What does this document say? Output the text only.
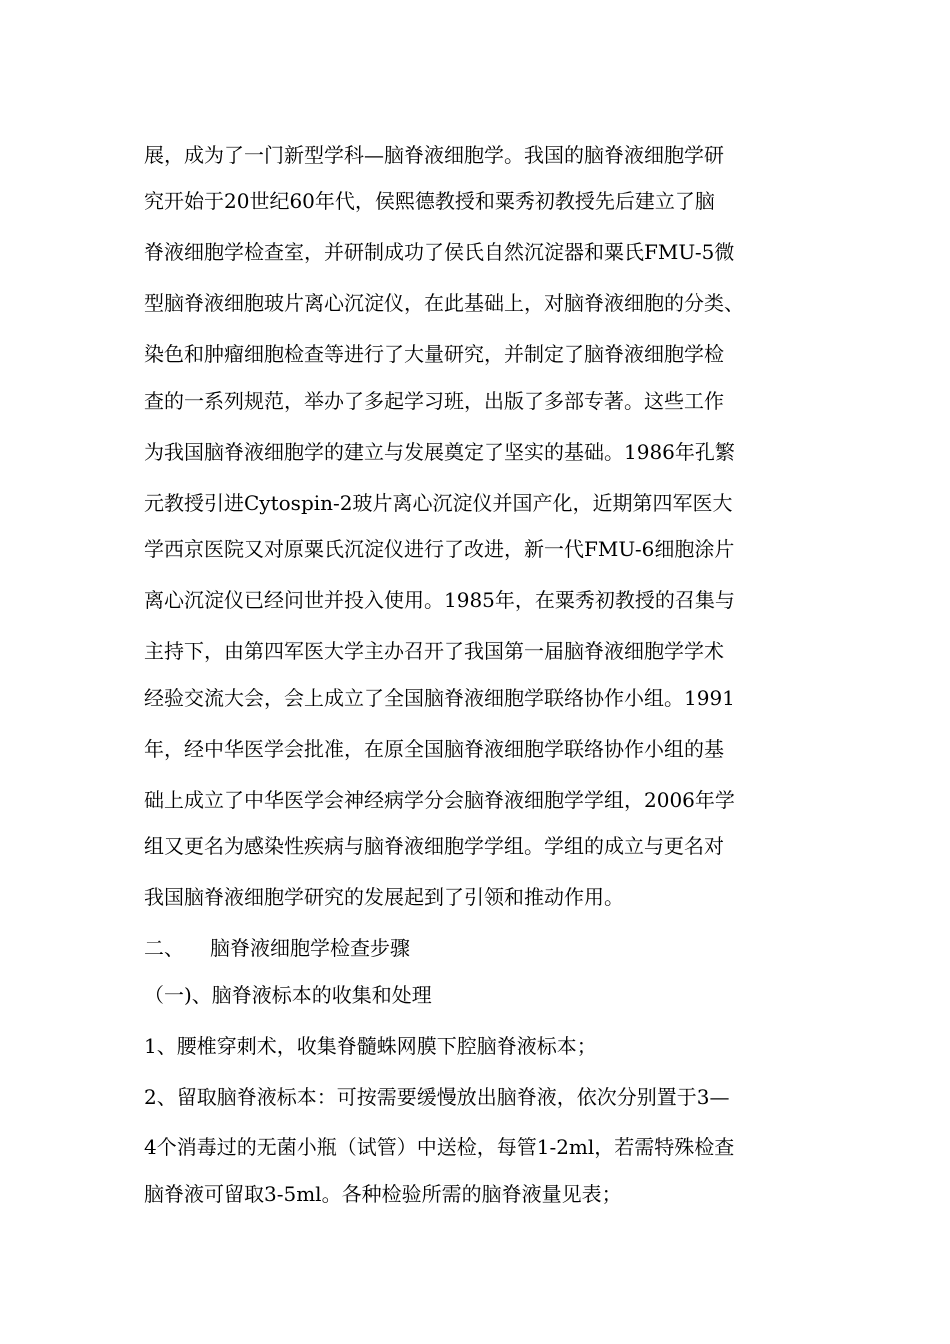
展，成为了一门新型学科—脑脊液细胞学。我国的脑脊液细胞学研
究开始于20世纪60年代，侯熙德教授和粟秀初教授先后建立了脑
脊液细胞学检查室，并研制成功了侯氏自然沉淀器和粟氏FMU-5微
型脑脊液细胞玻片离心沉淀仪，在此基础上，对脑脊液细胞的分类、
染色和肿瘤细胞检查等进行了大量研究，并制定了脑脊液细胞学检
查的一系列规范，举办了多起学习班，出版了多部专著。这些工作
为我国脑脊液细胞学的建立与发展奠定了坚实的基础。1986年孔繁
元教授引进Cytospin-2玻片离心沉淀仪并国产化，近期第四军医大
学西京医院又对原粟氏沉淀仪进行了改进，新一代FMU-6细胞涂片
离心沉淀仪已经问世并投入使用。1985年，在粟秀初教授的召集与
主持下，由第四军医大学主办召开了我国第一届脑脊液细胞学学术
经验交流大会，会上成立了全国脑脊液细胞学联络协作小组。1991
年，经中华医学会批准，在原全国脑脊液细胞学联络协作小组的基
础上成立了中华医学会神经病学分会脑脊液细胞学学组，2006年学
组又更名为感染性疾病与脑脊液细胞学学组。学组的成立与更名对
我国脑脊液细胞学研究的发展起到了引领和推动作用。
二、 脑脊液细胞学检查步骤
（一)、脑脊液标本的收集和处理
1、腰椎穿刺术，收集脊髓蛛网膜下腔脑脊液标本；
2、留取脑脊液标本：可按需要缓慢放出脑脊液，依次分别置于3—
4个消毒过的无菌小瓶（试管）中送检，每管1-2ml，若需特殊检查
脑脊液可留取3-5ml。各种检验所需的脑脊液量见表；
